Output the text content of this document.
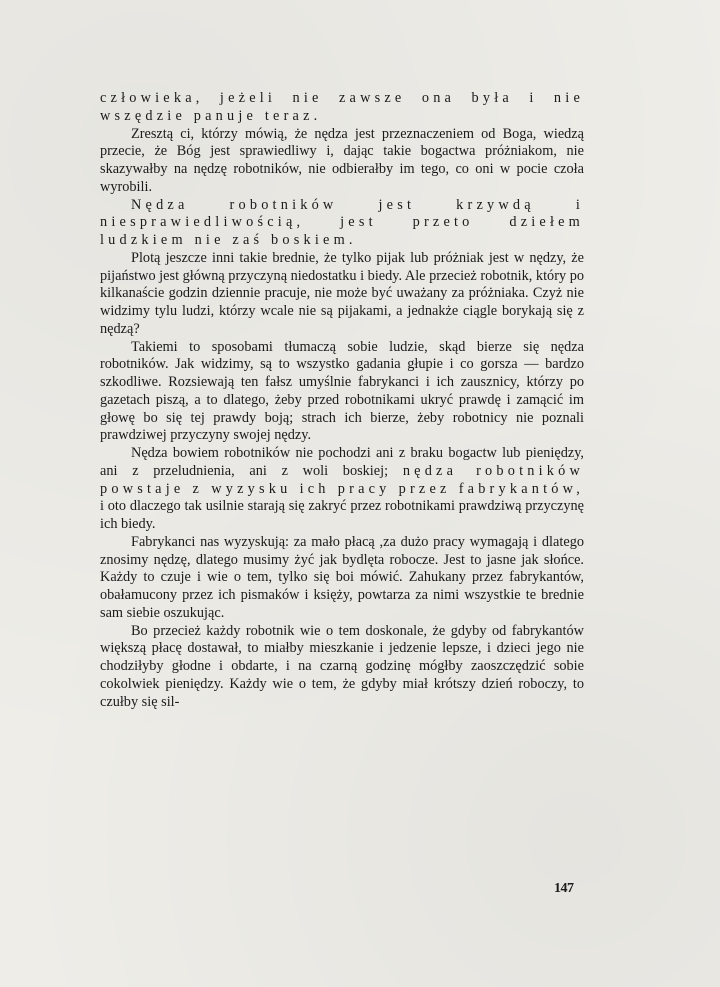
człowieka, jeżeli nie zawsze ona była i nie wszędzie panuje teraz.

Zresztą ci, którzy mówią, że nędza jest przeznaczeniem od Boga, wiedzą przecie, że Bóg jest sprawiedliwy i, dając takie bogactwa próżniakom, nie skazywałby na nędzę robotników, nie odbierałby im tego, co oni w pocie czoła wyrobili.

Nędza robotników jest krzywdą i niesprawiedliwością, jest przeto dziełem ludzkiem nie zaś boskiem.

Plotą jeszcze inni takie brednie, że tylko pijak lub próżniak jest w nędzy, że pijaństwo jest główną przyczyną niedostatku i biedy. Ale przecież robotnik, który po kilkanaście godzin dziennie pracuje, nie może być uważany za próżniaka. Czyż nie widzimy tylu ludzi, którzy wcale nie są pijakami, a jednakże ciągle borykają się z nędzą?

Takiemi to sposobami tłumaczą sobie ludzie, skąd bierze się nędza robotników. Jak widzimy, są to wszystko gadania głupie i co gorsza — bardzo szkodliwe. Rozsiewają ten fałsz umyślnie fabrykanci i ich zausznicy, którzy po gazetach piszą, a to dlatego, żeby przed robotnikami ukryć prawdę i zamącić im głowę bo się tej prawdy boją; strach ich bierze, żeby robotnicy nie poznali prawdziwej przyczyny swojej nędzy.

Nędza bowiem robotników nie pochodzi ani z braku bogactw lub pieniędzy, ani z przeludnienia, ani z woli boskiej; nędza robotników powstaje z wyzysku ich pracy przez fabrykantów, i oto dlaczego tak usilnie starają się zakryć przez robotnikami prawdziwą przyczynę ich biedy.

Fabrykanci nas wyzyskują: za mało płacą ,za dużo pracy wymagają i dlatego znosimy nędzę, dlatego musimy żyć jak bydlęta robocze. Jest to jasne jak słońce. Każdy to czuje i wie o tem, tylko się boi mówić. Zahukany przez fabrykantów, obałamucony przez ich pismaków i księży, powtarza za nimi wszystkie te brednie sam siebie oszukując.

Bo przecież każdy robotnik wie o tem doskonale, że gdyby od fabrykantów większą płacę dostawał, to miałby mieszkanie i jedzenie lepsze, i dzieci jego nie chodziłyby głodne i obdarte, i na czarną godzinę mógłby zaoszczędzić sobie cokolwiek pieniędzy. Każdy wie o tem, że gdyby miał krótszy dzień roboczy, to czułby się sil-

147
